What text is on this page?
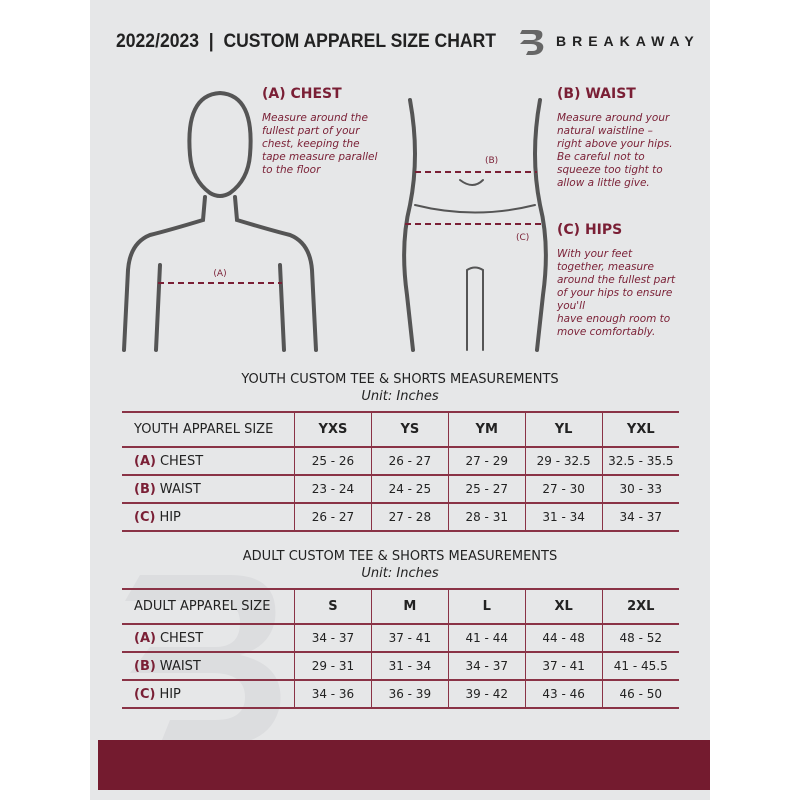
2022/2023  |  CUSTOM APPAREL SIZE CHART	BREAKAWAY
(A)
(A) CHEST
Measure around the
fullest part of your
chest, keeping the
tape measure parallel
to the floor
(B)
(C)
(B) WAIST
Measure around your
natural waistline –
right above your hips.
Be careful not to
squeeze too tight to
allow a little give.
(C) HIPS
With your feet
together, measure
around the fullest part
of your hips to ensure
you'll
have enough room to
move comfortably.
YOUTH CUSTOM TEE & SHORTS MEASUREMENTS
Unit: Inches
YOUTH APPAREL SIZE	YXS	YS	YM	YL	YXL
(A) CHEST	25 - 26	26 - 27	27 - 29	29 - 32.5	32.5 - 35.5
(B) WAIST	23 - 24	24 - 25	25 - 27	27 - 30	30 - 33
(C) HIP	26 - 27	27 - 28	28 - 31	31 - 34	34 - 37
ADULT CUSTOM TEE & SHORTS MEASUREMENTS
Unit: Inches
ADULT APPAREL SIZE	S	M	L	XL	2XL
(A) CHEST	34 - 37	37 - 41	41 - 44	44 - 48	48 - 52
(B) WAIST	29 - 31	31 - 34	34 - 37	37 - 41	41 - 45.5
(C) HIP	34 - 36	36 - 39	39 - 42	43 - 46	46 - 50
